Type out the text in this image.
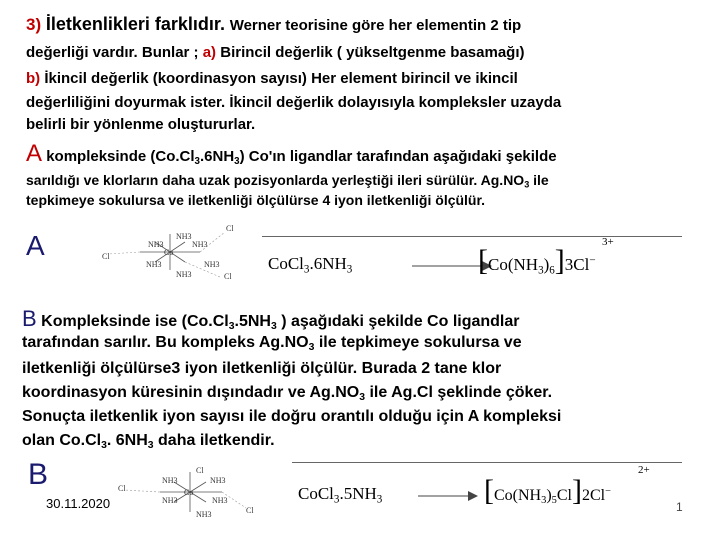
3) İletkenlikleri farklıdır. Werner teorisine göre her elementin 2 tip
değerliği vardır. Bunlar ; a) Birincil değerlik ( yükseltgenme basamağı)
b) İkincil değerlik (koordinasyon sayısı) Her element birincil ve ikincil
değerliliğini doyurmak ister. İkincil değerlik dolayısıyla kompleksler uzayda
belirli bir yönlenme oluştururlar.
A kompleksinde $(Co.Cl_3.6NH_3)$ Co'ın ligandlar tarafından aşağıdaki şekilde
sarıldığı ve klorların daha uzak pozisyonlarda yerleştiği ileri sürülür. $Ag.NO_3$ ile
tepkimeye sokulursa ve iletkenliği ölçülürse 4 iyon iletkenliği ölçülür.
A	NH3
NH3	NH3
NH3	NH3
NH3
Co
Cl
Cl
Cl
$CoCl_3.6NH_3$	$[Co(NH_3)_6]3Cl^-$
3+
B Kompleksinde ise ($Co.Cl_3.5NH_3$ ) aşağıdaki şekilde Co ligandlar
tarafından sarılır. Bu kompleks $Ag.NO_3$ ile tepkimeye sokulursa ve
iletkenliği ölçülürse3 iyon iletkenliği ölçülür. Burada 2 tane klor
koordinasyon küresinin dışındadır ve $Ag.NO_3$ ile Ag.Cl şeklinde çöker.
Sonuçta iletkenlik iyon sayısı ile doğru orantılı olduğu için A kompleksi
olan $Co.Cl_3$. $6NH_3$ daha iletkendir.
B
30.11.2020
NH3	NH3
NH3	NH3
NH3
Co
Cl
Cl
Cl
$CoCl_3.5NH_3 \to [Co(NH_3)_5Cl]2Cl^-$
2+
1
